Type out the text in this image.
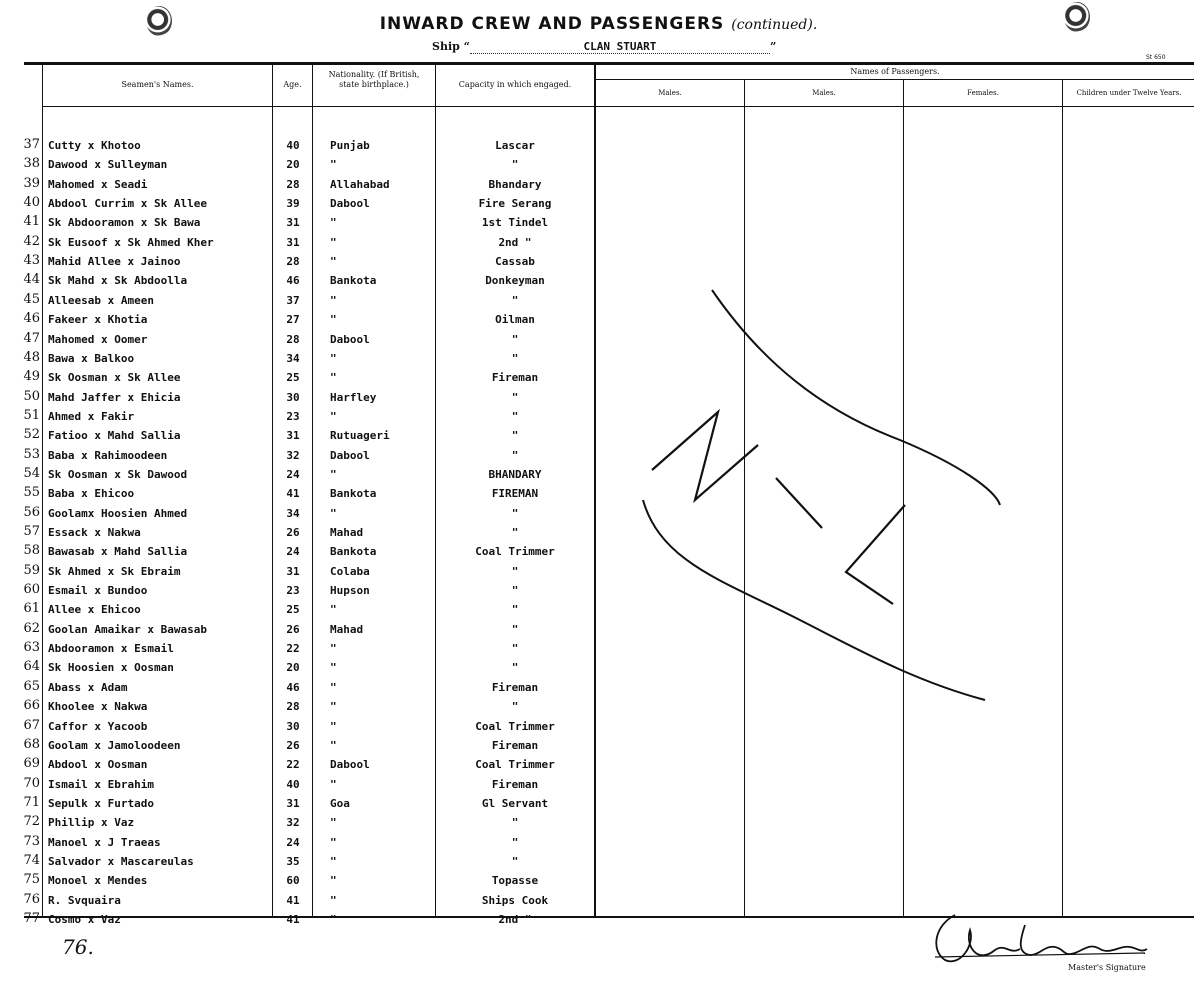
INWARD CREW AND PASSENGERS (continued).
Ship “	CLAN STUART	”
St 650
Seamen's Names.	Age.
Nationality. (If British, state birthplace.)	Capacity in which engaged.
Names of Passengers.
Males.	Males.	Females.	Children under Twelve Years.
37 Cutty x Khotoo	40	Punjab	Lascar
38 Dawood x Sulleyman	20	"	"
39 Mahomed x Seadi	28	Allahabad	Bhandary
40 Abdool Currim x Sk Allee	39	Dabool	Fire Serang
41 Sk Abdooramon x Sk Bawa	31	"	1st Tindel
42 Sk Eusoof x Sk Ahmed Kher	31	"	2nd "
43 Mahid Allee x Jainoo	28	"	Cassab
44 Sk Mahd x Sk Abdoolla	46	Bankota	Donkeyman
45 Alleesab x Ameen	37	"	"
46 Fakeer x Khotia	27	"	Oilman
47 Mahomed x Oomer	28	Dabool	"
48 Bawa x Balkoo	34	"	"
49 Sk Oosman x Sk Allee	25	"	Fireman
50 Mahd Jaffer x Ehicia	30	Harfley	"
51 Ahmed x Fakir	23	"	"
52 Fatioo x Mahd Sallia	31	Rutuageri	"
53 Baba x Rahimoodeen	32	Dabool	"
54 Sk Oosman x Sk Dawood	24	"	BHANDARY
55 Baba x Ehicoo	41	Bankota	FIREMAN
56 Goolamx Hoosien Ahmed	34	"	"
57 Essack x Nakwa	26	Mahad	"
58 Bawasab x Mahd Sallia	24	Bankota	Coal Trimmer
59 Sk Ahmed x Sk Ebraim	31	Colaba	"
60 Esmail x Bundoo	23	Hupson	"
61 Allee x Ehicoo	25	"	"
62 Goolan Amaikar x Bawasab	26	Mahad	"
63 Abdooramon x Esmail	22	"	"
64 Sk Hoosien x Oosman	20	"	"
65 Abass x Adam	46	"	Fireman
66 Khoolee x Nakwa	28	"	"
67 Caffor x Yacoob	30	"	Coal Trimmer
68 Goolam x Jamoloodeen	26	"	Fireman
69 Abdool x Oosman	22	Dabool	Coal Trimmer
70 Ismail x Ebrahim	40	"	Fireman
71 Sepulk x Furtado	31	Goa	Gl Servant
72 Phillip x Vaz	32	"	"
73 Manoel x J Traeas	24	"	"
74 Salvador x Mascareulas	35	"	"
75 Monoel x Mendes	60	"	Topasse
76 R. Svquaira	41	"	Ships Cook
77 Cosmo x Vaz	41	"	2nd "
NIL
76.
Eric Edwards
Master's Signature
